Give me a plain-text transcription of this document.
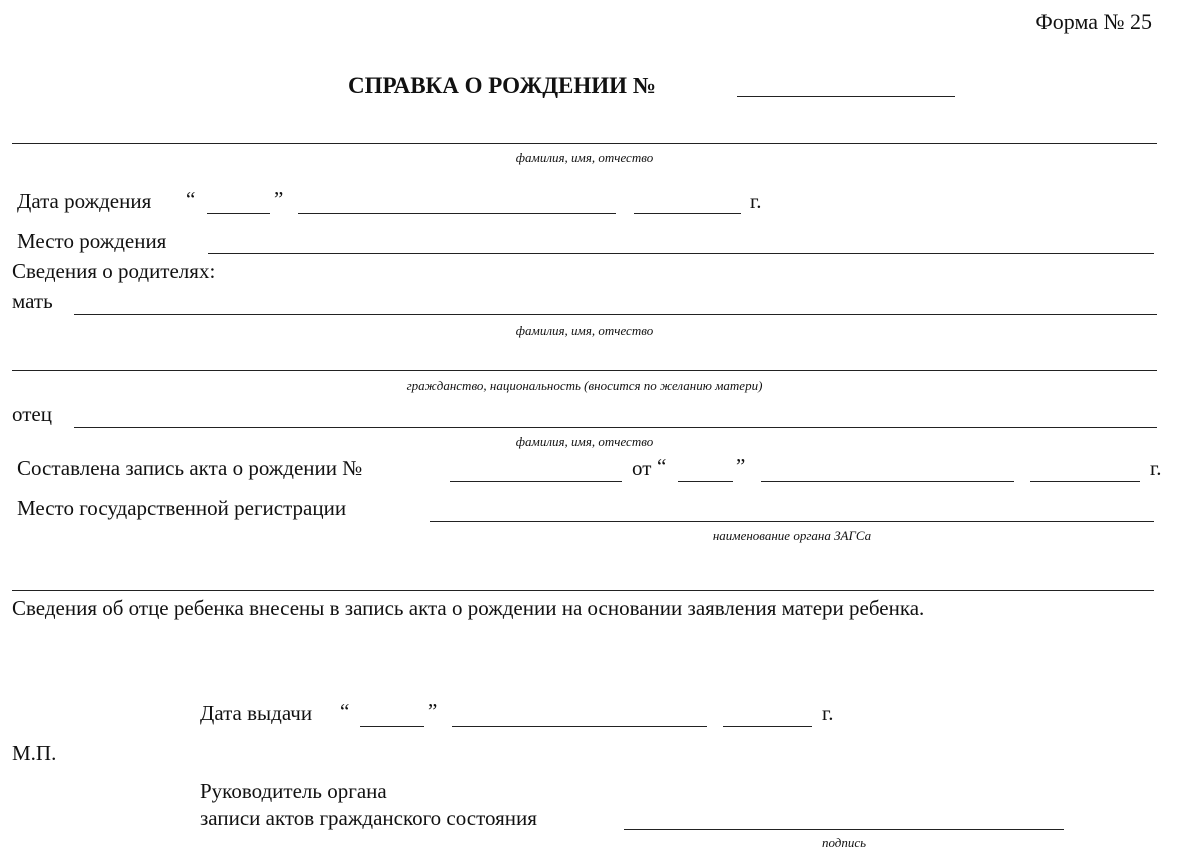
Форма № 25
СПРАВКА О РОЖДЕНИИ №
фамилия, имя, отчество
Дата рождения “	”	г.
Место рождения
Сведения о родителях:
мать
фамилия, имя, отчество
гражданство, национальность (вносится по желанию матери)
отец
фамилия, имя, отчество
Составлена запись акта о рождении №	от “	”	г.
Место государственной регистрации
наименование органа ЗАГСа
Сведения об отце ребенка внесены в запись акта о рождении на основании заявления матери ребенка.
Дата выдачи “	”	г.
М.П.
Руководитель органа
записи актов гражданского состояния
подпись
